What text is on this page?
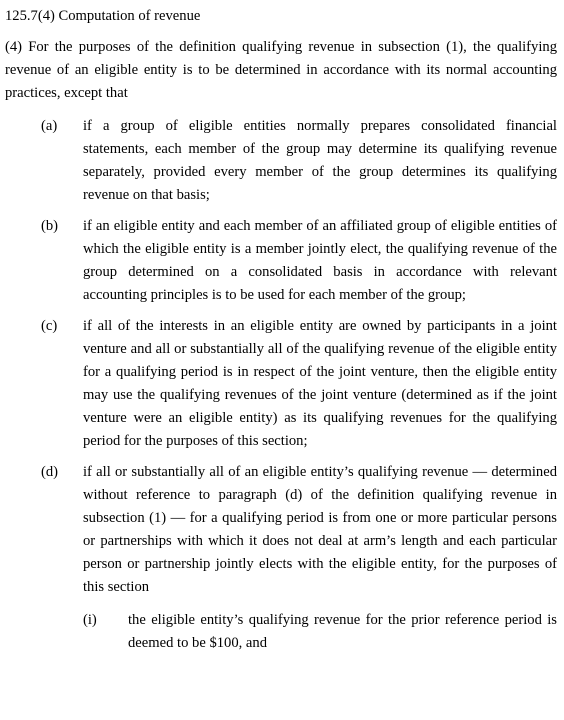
125.7(4) Computation of revenue
(4) For the purposes of the definition qualifying revenue in subsection (1), the qualifying revenue of an eligible entity is to be determined in accordance with its normal accounting practices, except that
(a) if a group of eligible entities normally prepares consolidated financial statements, each member of the group may determine its qualifying revenue separately, provided every member of the group determines its qualifying revenue on that basis;
(b) if an eligible entity and each member of an affiliated group of eligible entities of which the eligible entity is a member jointly elect, the qualifying revenue of the group determined on a consolidated basis in accordance with relevant accounting principles is to be used for each member of the group;
(c) if all of the interests in an eligible entity are owned by participants in a joint venture and all or substantially all of the qualifying revenue of the eligible entity for a qualifying period is in respect of the joint venture, then the eligible entity may use the qualifying revenues of the joint venture (determined as if the joint venture were an eligible entity) as its qualifying revenues for the qualifying period for the purposes of this section;
(d) if all or substantially all of an eligible entity’s qualifying revenue — determined without reference to paragraph (d) of the definition qualifying revenue in subsection (1) — for a qualifying period is from one or more particular persons or partnerships with which it does not deal at arm’s length and each particular person or partnership jointly elects with the eligible entity, for the purposes of this section
(i) the eligible entity’s qualifying revenue for the prior reference period is deemed to be $100, and
